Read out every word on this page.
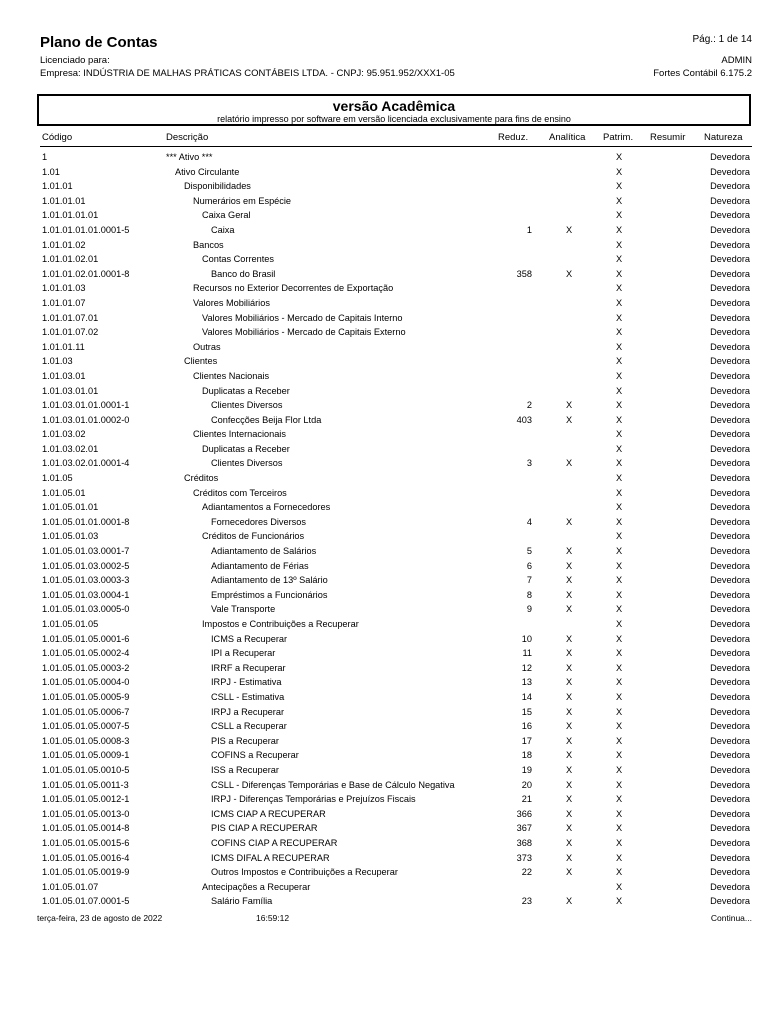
Plano de Contas	Pág.: 1 de 14
Licenciado para:	ADMIN
Empresa: INDÚSTRIA DE MALHAS PRÁTICAS CONTÁBEIS LTDA. - CNPJ: 95.951.952/XXX1-05	Fortes Contábil 6.175.2
versão Acadêmica
relatório impresso por software em versão licenciada exclusivamente para fins de ensino
Código	Descrição	Reduz. Analítica Patrim. Resumir Natureza
1	*** Ativo ***	X	Devedora
1.01	Ativo Circulante	X	Devedora
1.01.01	Disponibilidades	X	Devedora
1.01.01.01	Numerários em Espécie	X	Devedora
1.01.01.01.01	Caixa Geral	X	Devedora
1.01.01.01.01.0001-5	Caixa	1	X	X	Devedora
1.01.01.02	Bancos	X	Devedora
1.01.01.02.01	Contas Correntes	X	Devedora
1.01.01.02.01.0001-8	Banco do Brasil	358	X	X	Devedora
1.01.01.03	Recursos no Exterior Decorrentes de Exportação	X	Devedora
1.01.01.07	Valores Mobiliários	X	Devedora
1.01.01.07.01	Valores Mobiliários - Mercado de Capitais Interno	X	Devedora
1.01.01.07.02	Valores Mobiliários - Mercado de Capitais Externo	X	Devedora
1.01.01.11	Outras	X	Devedora
1.01.03	Clientes	X	Devedora
1.01.03.01	Clientes Nacionais	X	Devedora
1.01.03.01.01	Duplicatas a Receber	X	Devedora
1.01.03.01.01.0001-1	Clientes Diversos	2	X	X	Devedora
1.01.03.01.01.0002-0	Confecções Beija Flor Ltda	403	X	X	Devedora
1.01.03.02	Clientes Internacionais	X	Devedora
1.01.03.02.01	Duplicatas a Receber	X	Devedora
1.01.03.02.01.0001-4	Clientes Diversos	3	X	X	Devedora
1.01.05	Créditos	X	Devedora
1.01.05.01	Créditos com Terceiros	X	Devedora
1.01.05.01.01	Adiantamentos a Fornecedores	X	Devedora
1.01.05.01.01.0001-8	Fornecedores Diversos	4	X	X	Devedora
1.01.05.01.03	Créditos de Funcionários	X	Devedora
1.01.05.01.03.0001-7	Adiantamento de Salários	5	X	X	Devedora
1.01.05.01.03.0002-5	Adiantamento de Férias	6	X	X	Devedora
1.01.05.01.03.0003-3	Adiantamento de 13º Salário	7	X	X	Devedora
1.01.05.01.03.0004-1	Empréstimos a Funcionários	8	X	X	Devedora
1.01.05.01.03.0005-0	Vale Transporte	9	X	X	Devedora
1.01.05.01.05	Impostos e Contribuições a Recuperar	X	Devedora
1.01.05.01.05.0001-6	ICMS a Recuperar	10	X	X	Devedora
1.01.05.01.05.0002-4	IPI a Recuperar	11	X	X	Devedora
1.01.05.01.05.0003-2	IRRF a Recuperar	12	X	X	Devedora
1.01.05.01.05.0004-0	IRPJ - Estimativa	13	X	X	Devedora
1.01.05.01.05.0005-9	CSLL - Estimativa	14	X	X	Devedora
1.01.05.01.05.0006-7	IRPJ a Recuperar	15	X	X	Devedora
1.01.05.01.05.0007-5	CSLL a Recuperar	16	X	X	Devedora
1.01.05.01.05.0008-3	PIS a Recuperar	17	X	X	Devedora
1.01.05.01.05.0009-1	COFINS a Recuperar	18	X	X	Devedora
1.01.05.01.05.0010-5	ISS a Recuperar	19	X	X	Devedora
1.01.05.01.05.0011-3	CSLL - Diferenças Temporárias e Base de Cálculo Negativa	20	X	X	Devedora
1.01.05.01.05.0012-1	IRPJ - Diferenças Temporárias e Prejuízos Fiscais	21	X	X	Devedora
1.01.05.01.05.0013-0	ICMS CIAP A RECUPERAR	366	X	X	Devedora
1.01.05.01.05.0014-8	PIS CIAP A RECUPERAR	367	X	X	Devedora
1.01.05.01.05.0015-6	COFINS CIAP A RECUPERAR	368	X	X	Devedora
1.01.05.01.05.0016-4	ICMS DIFAL A RECUPERAR	373	X	X	Devedora
1.01.05.01.05.0019-9	Outros Impostos e Contribuições a Recuperar	22	X	X	Devedora
1.01.05.01.07	Antecipações a Recuperar	X	Devedora
1.01.05.01.07.0001-5	Salário Família	23	X	X	Devedora
terça-feira, 23 de agosto de 2022	16:59:12	Continua...
